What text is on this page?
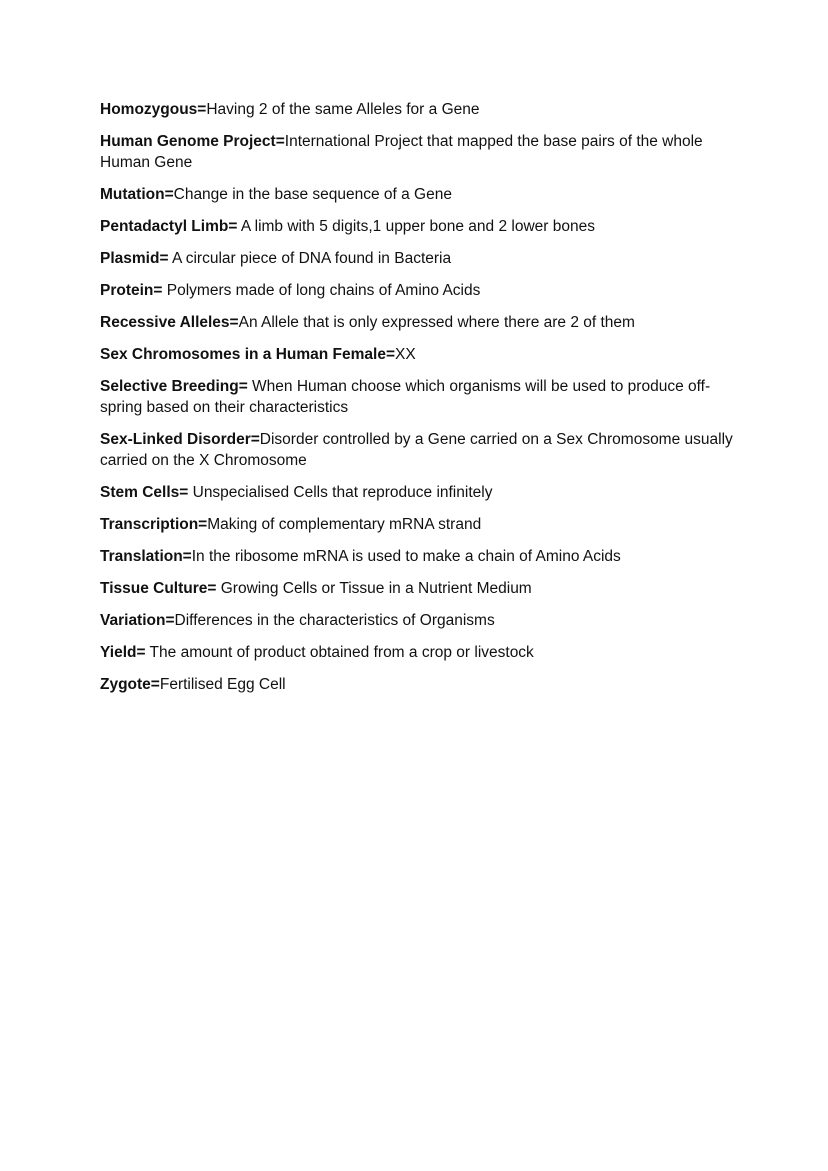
Homozygous=Having 2 of the same Alleles for a Gene

Human Genome Project=International Project that mapped the base pairs of the whole Human Gene

Mutation=Change in the base sequence of a Gene

Pentadactyl Limb= A limb with 5 digits,1 upper bone and 2 lower bones

Plasmid= A circular piece of DNA found in Bacteria

Protein= Polymers made of long chains of Amino Acids

Recessive Alleles=An Allele that is only expressed where there are 2 of them

Sex Chromosomes in a Human Female=XX

Selective Breeding= When Human choose which organisms will be used to produce off-spring based on their characteristics

Sex-Linked Disorder=Disorder controlled by a Gene carried on a Sex Chromosome usually carried on the X Chromosome

Stem Cells= Unspecialised Cells that reproduce infinitely

Transcription=Making of complementary mRNA strand

Translation=In the ribosome mRNA is used to make a chain of Amino Acids

Tissue Culture= Growing Cells or Tissue in a Nutrient Medium

Variation=Differences in the characteristics of Organisms

Yield= The amount of product obtained from a crop or livestock

Zygote=Fertilised Egg Cell
